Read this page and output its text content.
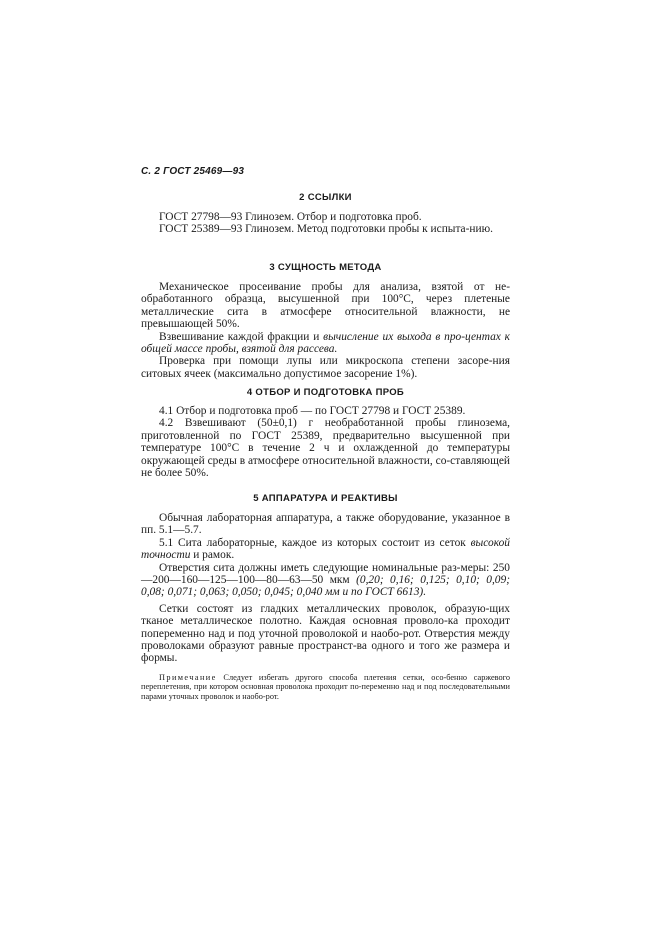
С. 2 ГОСТ 25469—93
2 ССЫЛКИ

ГОСТ 27798—93 Глинозем. Отбор и подготовка проб.

ГОСТ 25389—93 Глинозем. Метод подготовки пробы к испыта-нию.

3 СУЩНОСТЬ МЕТОДА

Механическое просеивание пробы для анализа, взятой от не-обработанного образца, высушенной при 100°С, через плетеные металлические сита в атмосфере относительной влажности, не превышающей 50%.

Взвешивание каждой фракции и вычисление их выхода в про-центах к общей массе пробы, взятой для рассева.

Проверка при помощи лупы или микроскопа степени засоре-ния ситовых ячеек (максимально допустимое засорение 1%).

4 ОТБОР И ПОДГОТОВКА ПРОБ

4.1 Отбор и подготовка проб — по ГОСТ 27798 и ГОСТ 25389.

4.2 Взвешивают (50±0,1) г необработанной пробы глинозема, приготовленной по ГОСТ 25389, предварительно высушенной при температуре 100°С в течение 2 ч и охлажденной до температуры окружающей среды в атмосфере относительной влажности, со-ставляющей не более 50%.

5 АППАРАТУРА И РЕАКТИВЫ

Обычная лабораторная аппаратура, а также оборудование, указанное в пп. 5.1—5.7.

5.1 Сита лабораторные, каждое из которых состоит из сеток высокой точности и рамок.

Отверстия сита должны иметь следующие номинальные раз-меры: 250—200—160—125—100—80—63—50 мкм (0,20; 0,16; 0,125; 0,10; 0,09; 0,08; 0,071; 0,063; 0,050; 0,045; 0,040 мм и по ГОСТ 6613).

Сетки состоят из гладких металлических проволок, образую-щих тканое металлическое полотно. Каждая основная проволо-ка проходит попеременно над и под уточной проволокой и наобо-рот. Отверстия между проволоками образуют равные пространст-ва одного и того же размера и формы.

Примечание Следует избегать другого способа плетения сетки, осо-бенно саржевого переплетения, при котором основная проволока проходит по-переменно над и под последовательными парами уточных проволок и наобо-рот.
